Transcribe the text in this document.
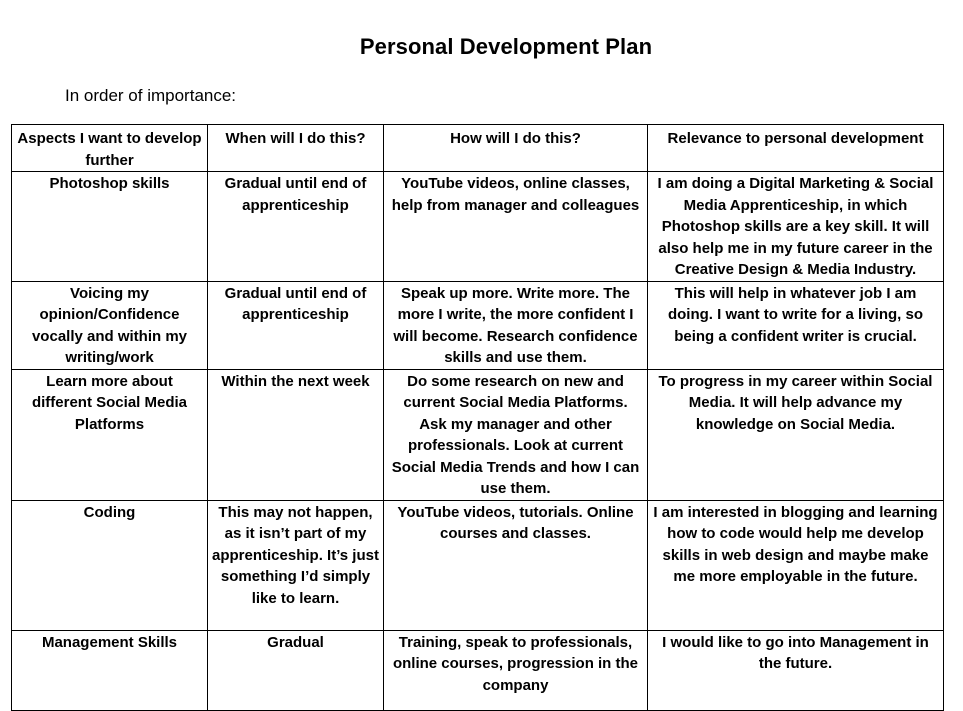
Personal Development Plan
In order of importance:
Aspects I want to develop further	When will I do this?	How will I do this?	Relevance to personal development
Photoshop skills	Gradual until end of apprenticeship	YouTube videos, online classes, help from manager and colleagues	I am doing a Digital Marketing & Social Media Apprenticeship, in which Photoshop skills are a key skill. It will also help me in my future career in the Creative Design & Media Industry.
Voicing my opinion/Confidence vocally and within my writing/work	Gradual until end of apprenticeship	Speak up more. Write more. The more I write, the more confident I will become. Research confidence skills and use them.	This will help in whatever job I am doing. I want to write for a living, so being a confident writer is crucial.
Learn more about different Social Media Platforms	Within the next week	Do some research on new and current Social Media Platforms. Ask my manager and other professionals. Look at current Social Media Trends and how I can use them.	To progress in my career within Social Media. It will help advance my knowledge on Social Media.
Coding	This may not happen, as it isn’t part of my apprenticeship. It’s just something I’d simply like to learn.	YouTube videos, tutorials. Online courses and classes.	I am interested in blogging and learning how to code would help me develop skills in web design and maybe make me more employable in the future.
Management Skills	Gradual	Training, speak to professionals, online courses, progression in the company	I would like to go into Management in the future.
